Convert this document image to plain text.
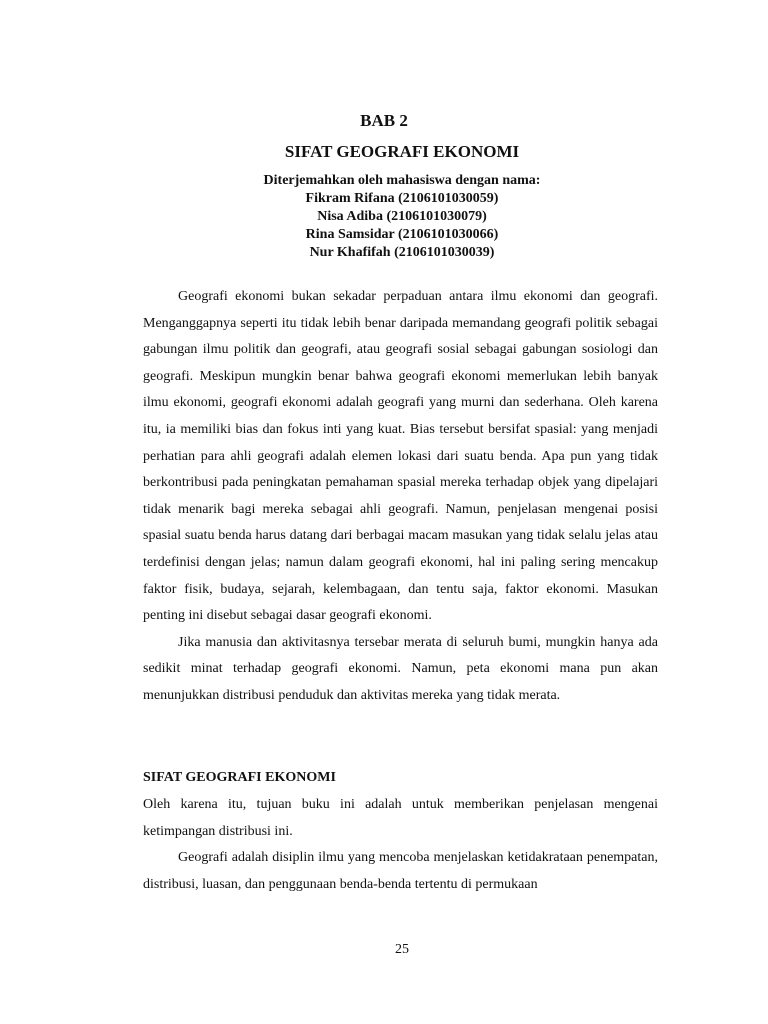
BAB 2
SIFAT GEOGRAFI EKONOMI
Diterjemahkan oleh mahasiswa dengan nama:
Fikram Rifana (2106101030059)
Nisa Adiba (2106101030079)
Rina Samsidar (2106101030066)
Nur Khafifah (2106101030039)

Geografi ekonomi bukan sekadar perpaduan antara ilmu ekonomi dan geografi. Menganggapnya seperti itu tidak lebih benar daripada memandang geografi politik sebagai gabungan ilmu politik dan geografi, atau geografi sosial sebagai gabungan sosiologi dan geografi. Meskipun mungkin benar bahwa geografi ekonomi memerlukan lebih banyak ilmu ekonomi, geografi ekonomi adalah geografi yang murni dan sederhana. Oleh karena itu, ia memiliki bias dan fokus inti yang kuat. Bias tersebut bersifat spasial: yang menjadi perhatian para ahli geografi adalah elemen lokasi dari suatu benda. Apa pun yang tidak berkontribusi pada peningkatan pemahaman spasial mereka terhadap objek yang dipelajari tidak menarik bagi mereka sebagai ahli geografi. Namun, penjelasan mengenai posisi spasial suatu benda harus datang dari berbagai macam masukan yang tidak selalu jelas atau terdefinisi dengan jelas; namun dalam geografi ekonomi, hal ini paling sering mencakup faktor fisik, budaya, sejarah, kelembagaan, dan tentu saja, faktor ekonomi. Masukan penting ini disebut sebagai dasar geografi ekonomi.

Jika manusia dan aktivitasnya tersebar merata di seluruh bumi, mungkin hanya ada sedikit minat terhadap geografi ekonomi. Namun, peta ekonomi mana pun akan menunjukkan distribusi penduduk dan aktivitas mereka yang tidak merata.

SIFAT GEOGRAFI EKONOMI

Oleh karena itu, tujuan buku ini adalah untuk memberikan penjelasan mengenai ketimpangan distribusi ini.

Geografi adalah disiplin ilmu yang mencoba menjelaskan ketidakrataan penempatan, distribusi, luasan, dan penggunaan benda-benda tertentu di permukaan

25
